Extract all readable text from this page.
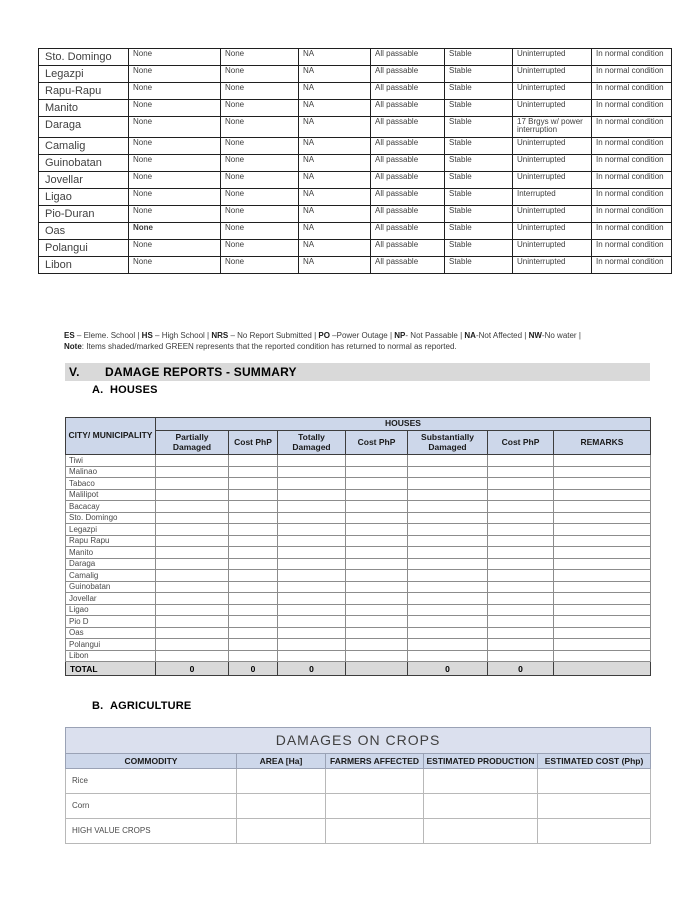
Sto. Domingo	None	None	NA	All passable	Stable	Uninterrupted	In normal condition
Legazpi	None	None	NA	All passable	Stable	Uninterrupted	In normal condition
Rapu-Rapu	None	None	NA	All passable	Stable	Uninterrupted	In normal condition
Manito	None	None	NA	All passable	Stable	Uninterrupted	In normal condition
Daraga	None	None	NA	All passable	Stable	17 Brgys w/ power interruption	In normal condition
Camalig	None	None	NA	All passable	Stable	Uninterrupted	In normal condition
Guinobatan	None	None	NA	All passable	Stable	Uninterrupted	In normal condition
Jovellar	None	None	NA	All passable	Stable	Uninterrupted	In normal condition
Ligao	None	None	NA	All passable	Stable	Interrupted	In normal condition
Pio-Duran	None	None	NA	All passable	Stable	Uninterrupted	In normal condition
Oas	None	None	NA	All passable	Stable	Uninterrupted	In normal condition
Polangui	None	None	NA	All passable	Stable	Uninterrupted	In normal condition
Libon	None	None	NA	All passable	Stable	Uninterrupted	In normal condition

ES – Eleme. School | HS – High School | NRS – No Report Submitted | PO –Power Outage | NP- Not Passable | NA-Not Affected | NW-No water |
Note: Items shaded/marked GREEN represents that the reported condition has returned to normal as reported.

V. DAMAGE REPORTS - SUMMARY
A. HOUSES
CITY/ MUNICIPALITY	HOUSES						
	Partially Damaged	Cost PhP	Totally Damaged	Cost PhP	Substantially Damaged	Cost PhP	REMARKS
Tiwi							
Malinao							
Tabaco							
Malilipot							
Bacacay							
Sto. Domingo							
Legazpi							
Rapu Rapu							
Manito							
Daraga							
Camalig							
Guinobatan							
Jovellar							
Ligao							
Pio D							
Oas							
Polangui							
Libon							
TOTAL	0	0	0		0	0	
B. AGRICULTURE
DAMAGES ON CROPS				
COMMODITY	AREA [Ha]	FARMERS AFFECTED	ESTIMATED PRODUCTION	ESTIMATED COST (Php)
Rice				
Corn				
HIGH VALUE CROPS				
